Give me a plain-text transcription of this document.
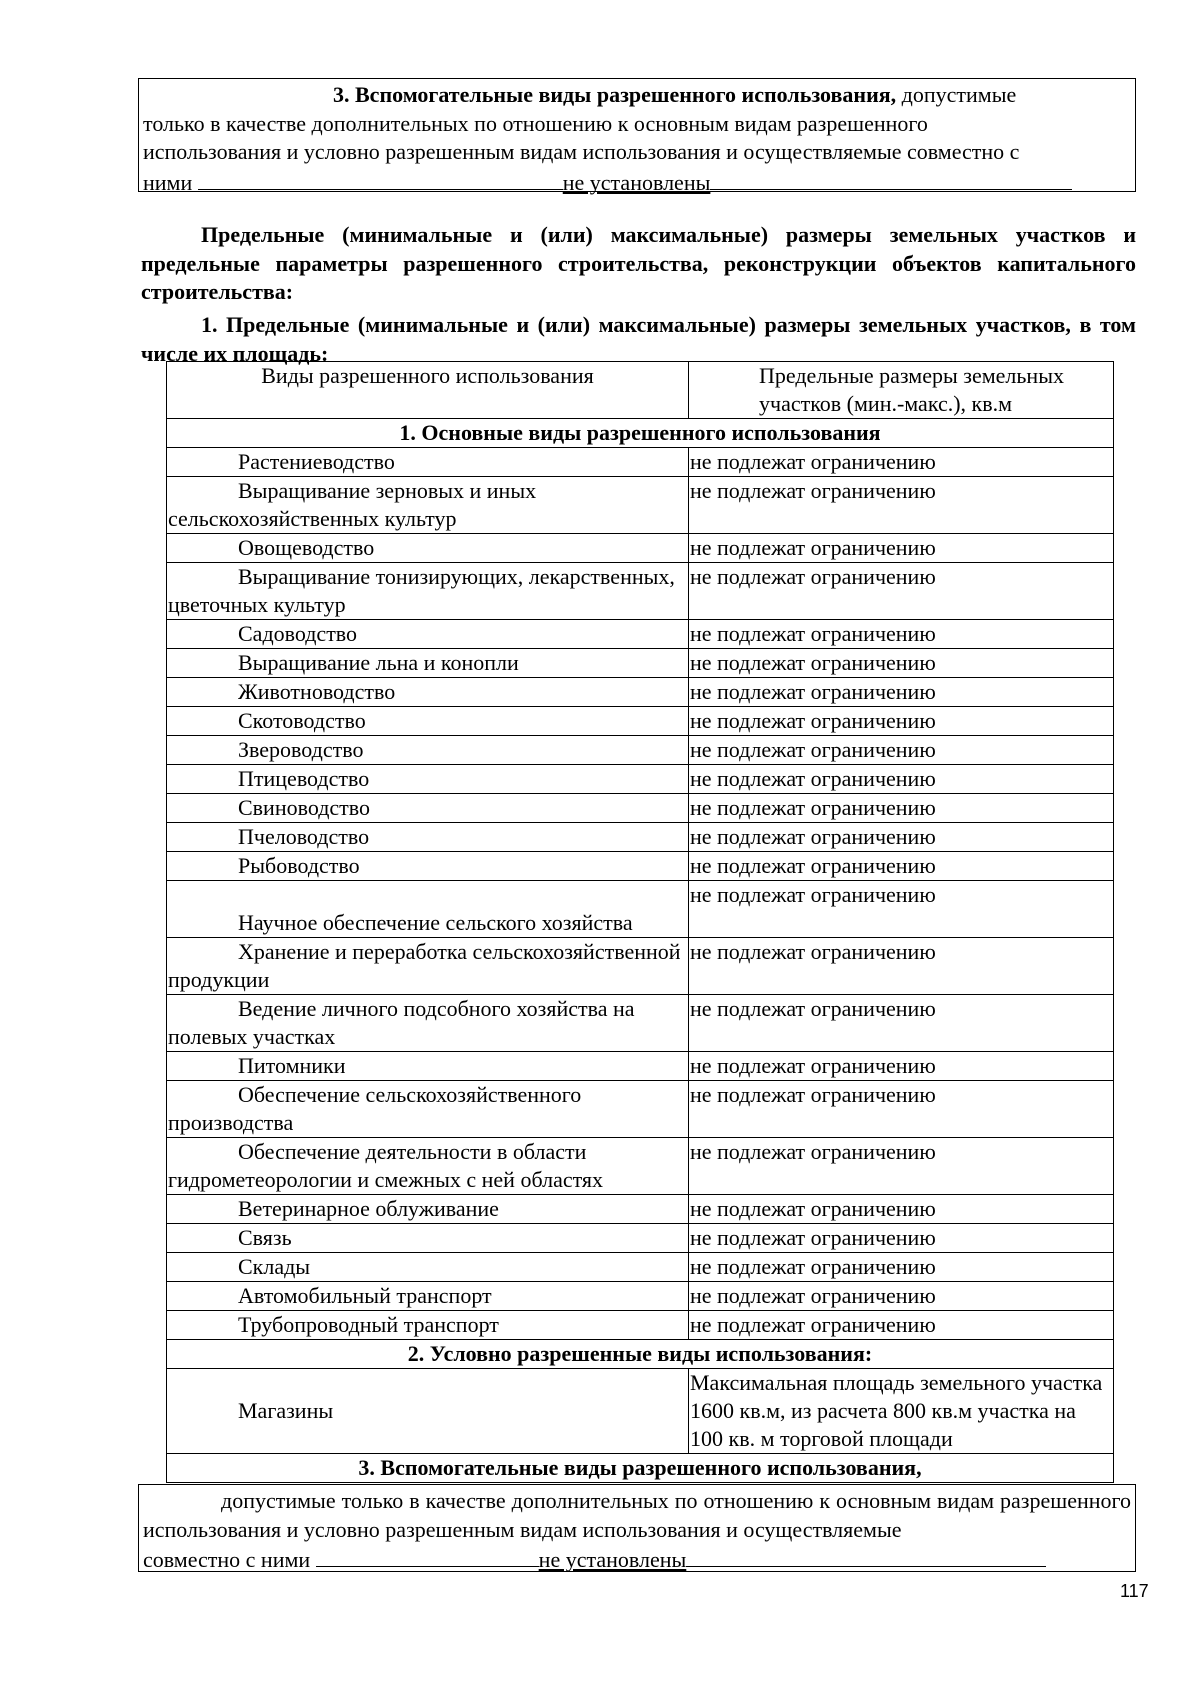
3. Вспомогательные виды разрешенного использования, допустимые

только в качестве дополнительных по отношению к основным видам разрешенного

использования и условно разрешенным видам использования и осуществляемые совместно с

ними	не установлены

Предельные (минимальные и (или) максимальные) размеры земельных участков и предельные параметры разрешенного строительства, реконструкции объектов капитального строительства:

1. Предельные (минимальные и (или) максимальные) размеры земельных участков, в том числе их площадь:

Виды разрешенного использования	Предельные размеры земельных участков (мин.-макс.), кв.м
1. Основные виды разрешенного использования	

Растениеводство	не подлежат ограничению

Выращивание зерновых и иных сельскохозяйственных культур	не подлежат ограничению

Овощеводство	не подлежат ограничению

Выращивание тонизирующих, лекарственных, цветочных культур	не подлежат ограничению

Садоводство	не подлежат ограничению

Выращивание льна и конопли	не подлежат ограничению

Животноводство	не подлежат ограничению

Скотоводство	не подлежат ограничению

Звероводство	не подлежат ограничению

Птицеводство	не подлежат ограничению

Свиноводство	не подлежат ограничению

Пчеловодство	не подлежат ограничению

Рыбоводство	не подлежат ограничению

Научное обеспечение сельского хозяйства	не подлежат ограничению

Хранение и переработка сельскохозяйственной продукции	не подлежат ограничению

Ведение личного подсобного хозяйства на полевых участках	не подлежат ограничению

Питомники	не подлежат ограничению

Обеспечение сельскохозяйственного производства	не подлежат ограничению

Обеспечение деятельности в области гидрометеорологии и смежных с ней областях	не подлежат ограничению

Ветеринарное облуживание	не подлежат ограничению

Связь	не подлежат ограничению

Склады	не подлежат ограничению

Автомобильный транспорт	не подлежат ограничению

Трубопроводный транспорт	не подлежат ограничению
2. Условно разрешенные виды использования:	

Магазины	Максимальная площадь земельного участка 1600 кв.м, из расчета 800 кв.м участка на 100 кв. м торговой площади
3. Вспомогательные виды разрешенного использования,	

допустимые только в качестве дополнительных по отношению к основным видам разрешенного использования и условно разрешенным видам использования и осуществляемые

совместно с ними	не установлены

117
